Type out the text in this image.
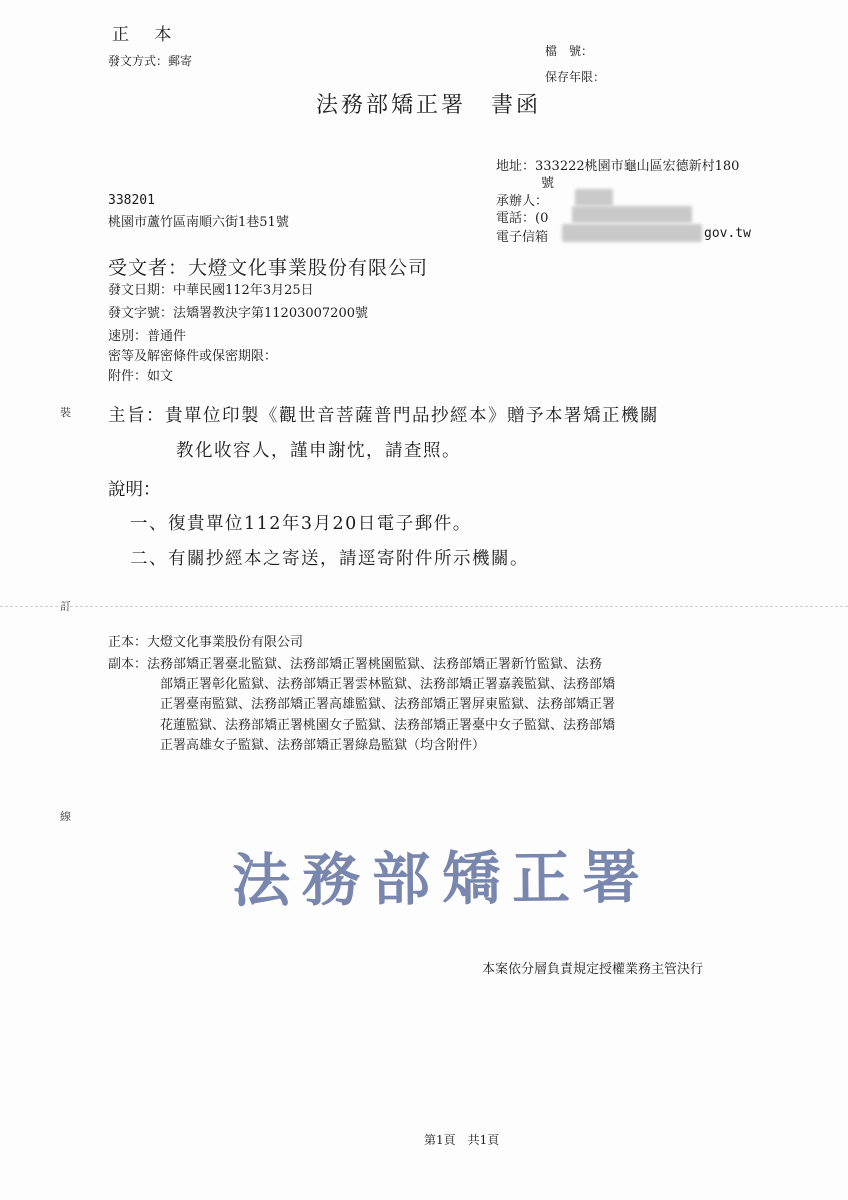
正 本
發文方式：郵寄
檔　號：
保存年限：
法務部矯正署　書函
地址：333222桃園市龜山區宏德新村180
號
承辦人：
電話：(0
電子信箱	gov.tw
338201
桃園市蘆竹區南順六街1巷51號
受文者：大燈文化事業股份有限公司
發文日期：中華民國112年3月25日
發文字號：法矯署教決字第11203007200號
速別：普通件
密等及解密條件或保密期限：
附件：如文
主旨：貴單位印製《觀世音菩薩普門品抄經本》贈予本署矯正機關
教化收容人，謹申謝忱，請查照。
說明：
一、復貴單位112年3月20日電子郵件。
二、有關抄經本之寄送，請逕寄附件所示機關。
裝
訂
線
正本：大燈文化事業股份有限公司
副本：法務部矯正署臺北監獄、法務部矯正署桃園監獄、法務部矯正署新竹監獄、法務
部矯正署彰化監獄、法務部矯正署雲林監獄、法務部矯正署嘉義監獄、法務部矯
正署臺南監獄、法務部矯正署高雄監獄、法務部矯正署屏東監獄、法務部矯正署
花蓮監獄、法務部矯正署桃園女子監獄、法務部矯正署臺中女子監獄、法務部矯
正署高雄女子監獄、法務部矯正署綠島監獄（均含附件）
法務部矯正署
本案依分層負責規定授權業務主管決行
第1頁　共1頁
